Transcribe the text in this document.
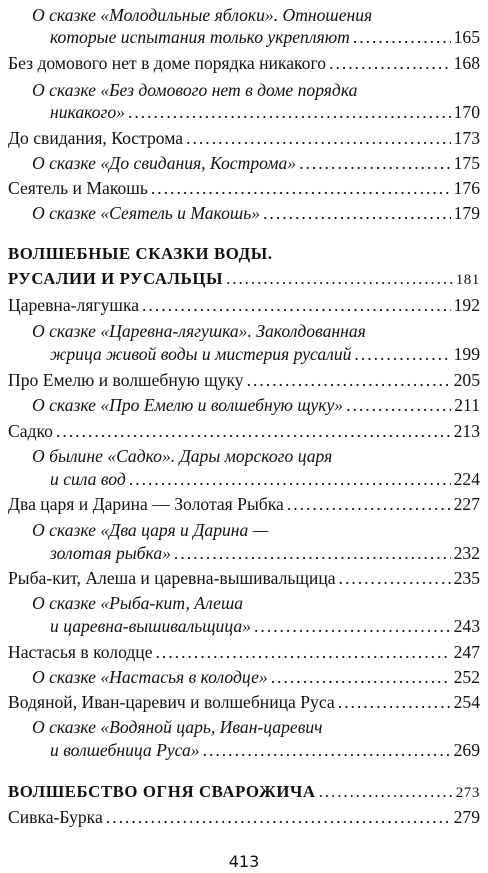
О сказке «Молодильные яблоки». Отношения
которые испытания только укрепляют .....	165
Без домового нет в доме порядка никакого .....	168
О сказке «Без домового нет в доме порядка
никакого» .....	170
До свидания, Кострома .....	173
О сказке «До свидания, Кострома» .....	175
Сеятель и Макошь .....	176
О сказке «Сеятель и Макошь» .....	179
ВОЛШЕБНЫЕ СКАЗКИ ВОДЫ.
РУСАЛИИ И РУСАЛЬЦЫ .....	181
Царевна-лягушка .....	192
О сказке «Царевна-лягушка». Заколдованная
жрица живой воды и мистерия русалий .....	199
Про Емелю и волшебную щуку .....	205
О сказке «Про Емелю и волшебную щуку» .....	211
Садко .....	213
О былине «Садко». Дары морского царя
и сила вод .....	224
Два царя и Дарина — Золотая Рыбка .....	227
О сказке «Два царя и Дарина —
золотая рыбка» .....	232
Рыба-кит, Алеша и царевна-вышивальщица .....	235
О сказке «Рыба-кит, Алеша
и царевна-вышивальщица» .....	243
Настасья в колодце .....	247
О сказке «Настасья в колодце» .....	252
Водяной, Иван-царевич и волшебница Руса .....	254
О сказке «Водяной царь, Иван-царевич
и волшебница Руса» .....	269
ВОЛШЕБСТВО ОГНЯ СВАРОЖИЧА .....	273
Сивка-Бурка .....	279
413
